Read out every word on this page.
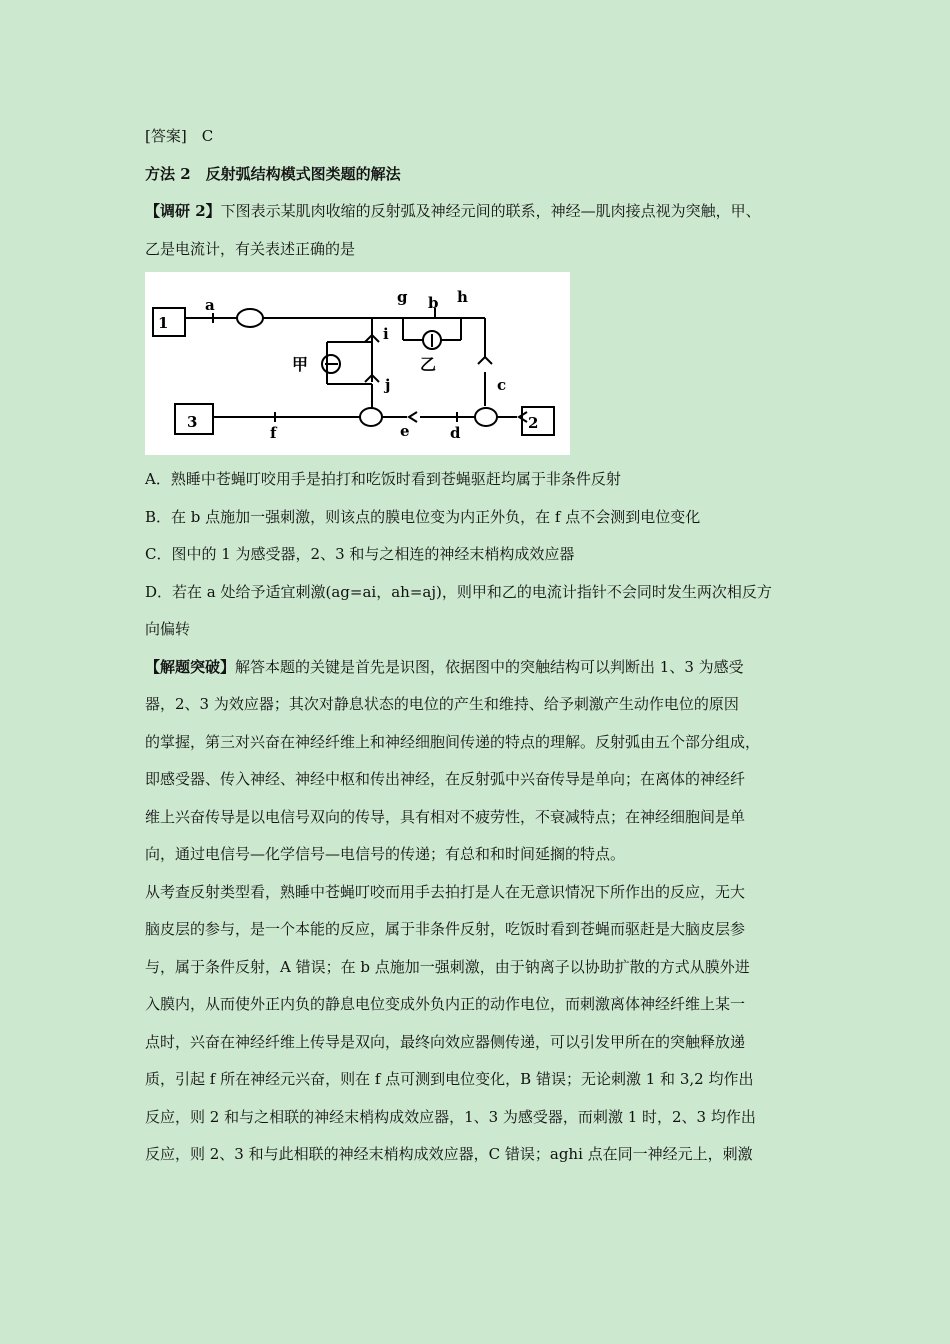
[答案]　 C

方法 2　反射弧结构模式图类题的解法

【调研 2】下图表示某肌肉收缩的反射弧及神经元间的联系，神经—肌肉接点视为突触，甲、
乙是电流计，有关表述正确的是

1
2
3
a	b
c
d
e
f
g	h
i
j
甲	乙

A．熟睡中苍蝇叮咬用手是拍打和吃饭时看到苍蝇驱赶均属于非条件反射

B．在 b 点施加一强刺激，则该点的膜电位变为内正外负，在 f 点不会测到电位变化

C．图中的 1 为感受器，2、3 和与之相连的神经末梢构成效应器

D．若在 a 处给予适宜刺激(ag=ai，ah=aj)，则甲和乙的电流计指针不会同时发生两次相反方

向偏转

【解题突破】解答本题的关键是首先是识图，依据图中的突触结构可以判断出 1、3 为感受
器，2、3 为效应器；其次对静息状态的电位的产生和维持、给予刺激产生动作电位的原因
的掌握，第三对兴奋在神经纤维上和神经细胞间传递的特点的理解。反射弧由五个部分组成，
即感受器、传入神经、神经中枢和传出神经，在反射弧中兴奋传导是单向；在离体的神经纤
维上兴奋传导是以电信号双向的传导，具有相对不疲劳性，不衰减特点；在神经细胞间是单
向，通过电信号—化学信号—电信号的传递；有总和和时间延搁的特点。

从考查反射类型看，熟睡中苍蝇叮咬而用手去拍打是人在无意识情况下所作出的反应，无大
脑皮层的参与，是一个本能的反应，属于非条件反射，吃饭时看到苍蝇而驱赶是大脑皮层参
与，属于条件反射，A 错误；在 b 点施加一强刺激，由于钠离子以协助扩散的方式从膜外进
入膜内，从而使外正内负的静息电位变成外负内正的动作电位，而刺激离体神经纤维上某一
点时，兴奋在神经纤维上传导是双向，最终向效应器侧传递，可以引发甲所在的突触释放递
质，引起 f 所在神经元兴奋，则在 f 点可测到电位变化，B 错误；无论刺激 1 和 3,2 均作出
反应，则 2 和与之相联的神经末梢构成效应器，1、3 为感受器，而刺激 1 时，2、3 均作出
反应，则 2、3 和与此相联的神经末梢构成效应器，C 错误；aghi 点在同一神经元上，刺激
